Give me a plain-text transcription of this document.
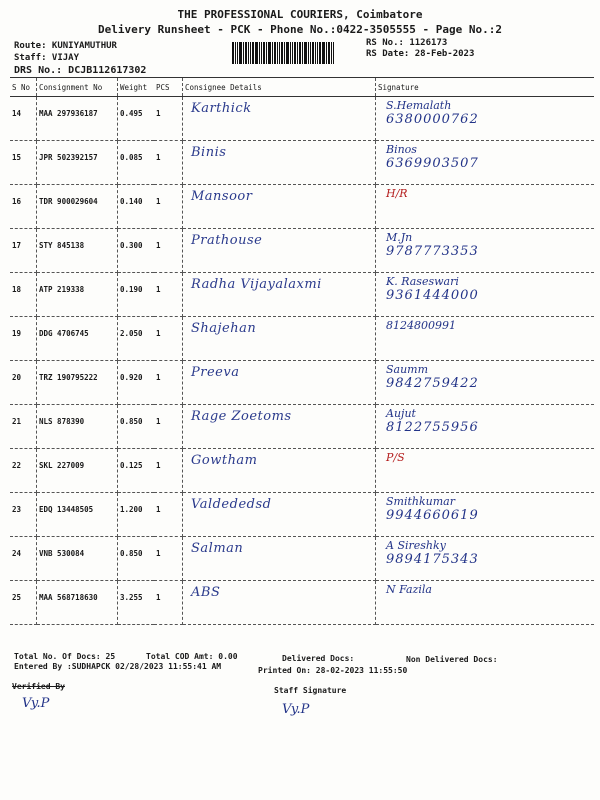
THE PROFESSIONAL COURIERS, Coimbatore
Delivery Runsheet - PCK - Phone No.:0422-3505555 - Page No.:2
Route: KUNIYAMUTHUR
Staff: VIJAY
DRS No.: DCJB112617302
RS No.: 1126173
RS Date: 28-Feb-2023
S No	Consignment No	Weight	PCS	Consignee Details	Signature
14	MAA 297936187	0.495	1	Karthick	S.Hemalath
6380000762

15	JPR 502392157	0.085	1	Binis	Binos
6369903507

16	TDR 900029604	0.140	1	Mansoor	H/R

17	STY 845138	0.300	1	Prathouse	M.Jn
9787773353

18	ATP 219338	0.190	1	Radha Vijayalaxmi	K. Raseswari
9361444000

19	DDG 4706745	2.050	1	Shajehan	8124800991

20	TRZ 190795222	0.920	1	Preeva	Saumm
9842759422

21	NLS 878390	0.850	1	Rage Zoetoms	Aujut
8122755956

22	SKL 227009	0.125	1	Gowtham	P/S

23	EDQ 13448505	1.200	1	Valdededsd	Smithkumar
9944660619

24	VNB 530084	0.850	1	Salman	A Sireshky
9894175343

25	MAA 568718630	3.255	1	ABS	N Fazila
Total No. Of Docs: 25	Total COD Amt: 0.00	Delivered Docs:	Non Delivered Docs:
Entered By :SUDHAPCK 02/28/2023 11:55:41 AM	Printed On: 28-02-2023 11:55:50
Verified By
Vy.P
Staff Signature
Vy.P
